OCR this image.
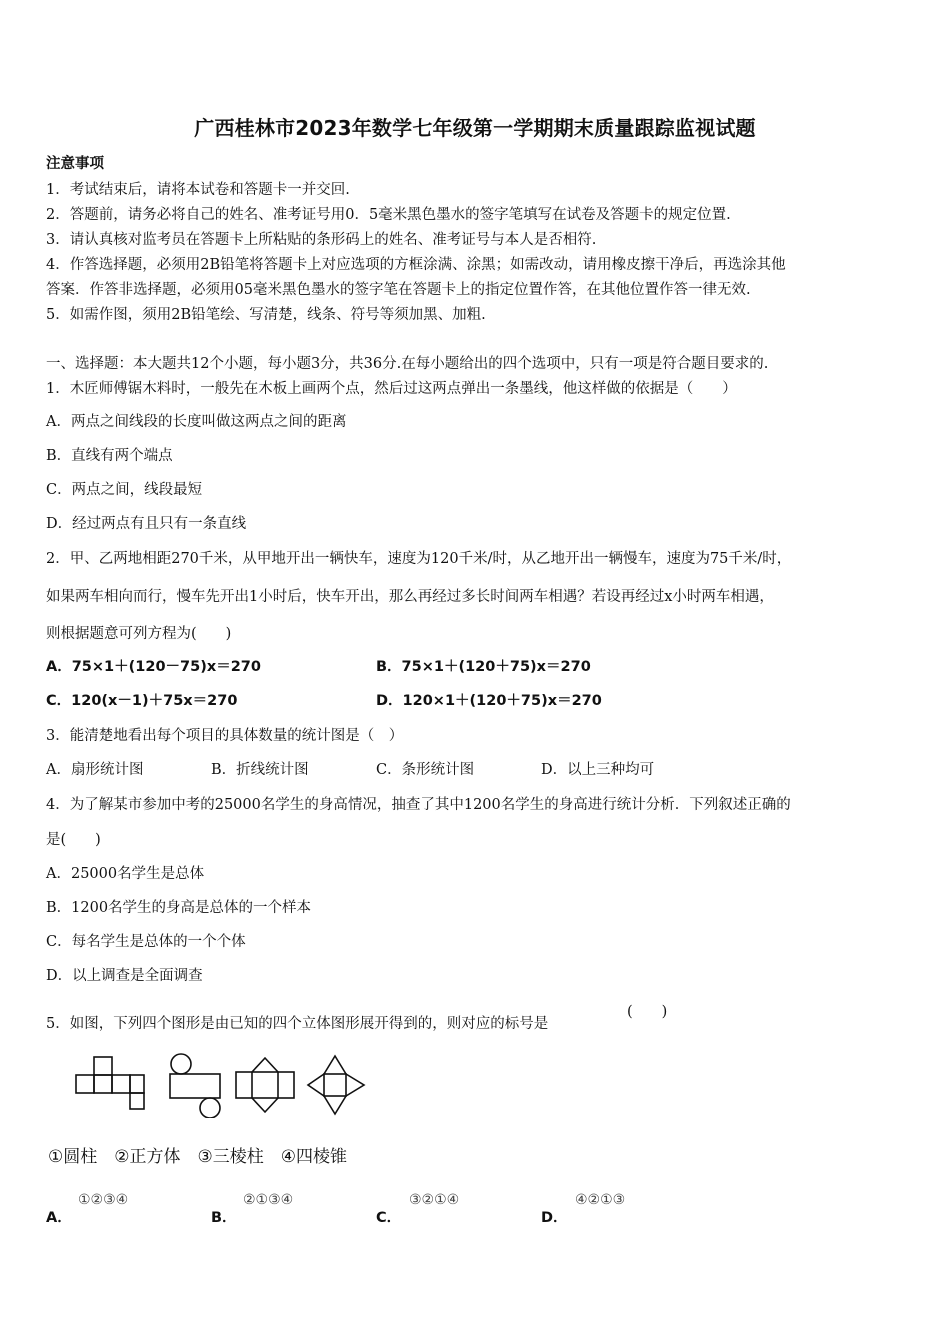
广西桂林市2023年数学七年级第一学期期末质量跟踪监视试题
注意事项
1．考试结束后，请将本试卷和答题卡一并交回.
2．答题前，请务必将自己的姓名、准考证号用0．5毫米黑色墨水的签字笔填写在试卷及答题卡的规定位置.
3．请认真核对监考员在答题卡上所粘贴的条形码上的姓名、准考证号与本人是否相符.
4．作答选择题，必须用2B铅笔将答题卡上对应选项的方框涂满、涂黑；如需改动，请用橡皮擦干净后，再选涂其他
答案．作答非选择题，必须用05毫米黑色墨水的签字笔在答题卡上的指定位置作答，在其他位置作答一律无效.
5．如需作图，须用2B铅笔绘、写清楚，线条、符号等须加黑、加粗.
一、选择题：本大题共12个小题，每小题3分，共36分.在每小题给出的四个选项中，只有一项是符合题目要求的.
1．木匠师傅锯木料时，一般先在木板上画两个点，然后过这两点弹出一条墨线，他这样做的依据是（　　）
A．两点之间线段的长度叫做这两点之间的距离
B．直线有两个端点
C．两点之间，线段最短
D．经过两点有且只有一条直线
2．甲、乙两地相距270千米，从甲地开出一辆快车，速度为120千米/时，从乙地开出一辆慢车，速度为75千米/时，
如果两车相向而行，慢车先开出1小时后，快车开出，那么再经过多长时间两车相遇？若设再经过x小时两车相遇，
则根据题意可列方程为(　　)
A．75×1＋(120－75)x＝270	B．75×1＋(120＋75)x＝270
C．120(x－1)＋75x＝270	D．120×1＋(120＋75)x＝270
3．能清楚地看出每个项目的具体数量的统计图是（　）
A．扇形统计图	B．折线统计图	C．条形统计图	D．以上三种均可
4．为了解某市参加中考的25000名学生的身高情况，抽查了其中1200名学生的身高进行统计分析．下列叙述正确的
是(　　)
A．25000名学生是总体
B．1200名学生的身高是总体的一个样本
C．每名学生是总体的一个个体
D．以上调查是全面调查
5．如图，下列四个图形是由已知的四个立体图形展开得到的，则对应的标号是
(　　)
①圆柱　②正方体　③三棱柱　④四棱锥
A．
①②③④
B．
②①③④
C．
③②①④
D．
④②①③
